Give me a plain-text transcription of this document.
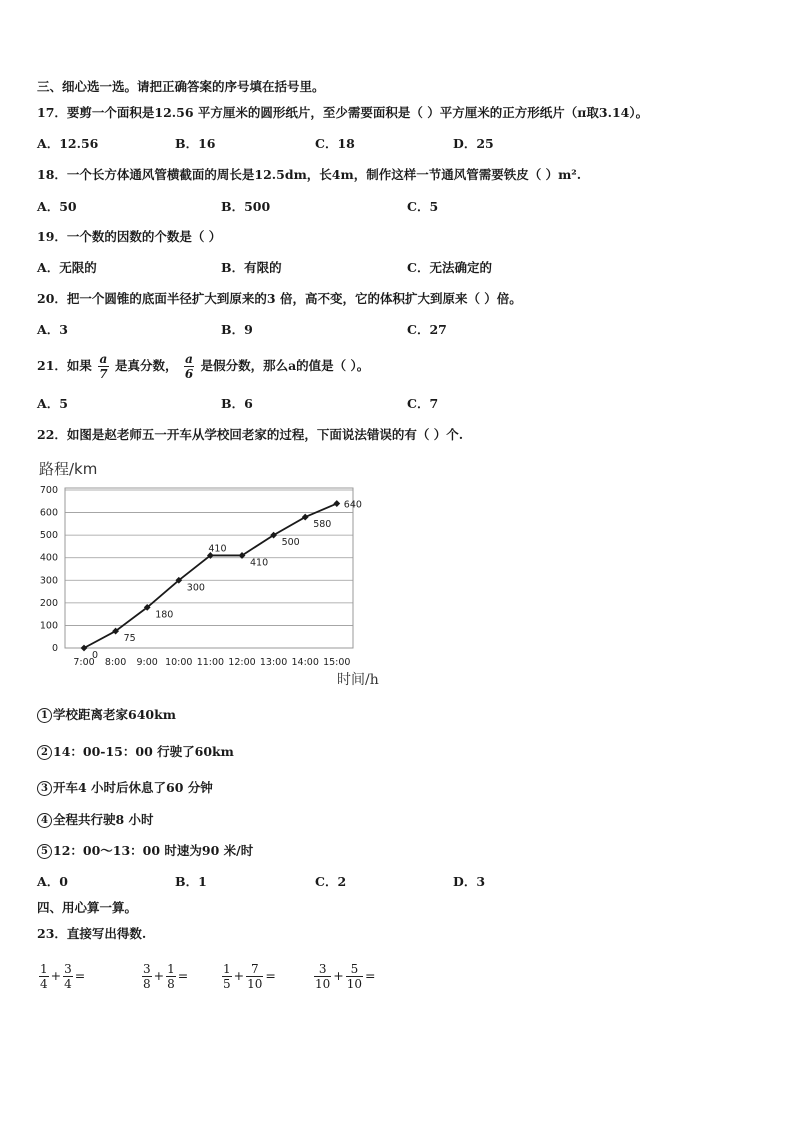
三、细心选一选。请把正确答案的序号填在括号里。
17．要剪一个面积是12.56 平方厘米的圆形纸片，至少需要面积是（ ）平方厘米的正方形纸片（π取3.14）。
A．12.56	B．16	C．18	D．25
18．一个长方体通风管横截面的周长是12.5dm，长4m，制作这样一节通风管需要铁皮（ ）m².
A．50	B．500	C．5
19．一个数的因数的个数是（ ）
A．无限的	B．有限的	C．无法确定的
20．把一个圆锥的底面半径扩大到原来的3 倍，高不变，它的体积扩大到原来（ ）倍。
A．3	B．9	C．27
21．如果 $\frac{a}{7}$ 是真分数， $\frac{a}{6}$ 是假分数，那么a的值是（ ）。
A．5	B．6	C．7
22．如图是赵老师五一开车从学校回老家的过程，下面说法错误的有（ ）个.
路程/km
0
100
200
300
400
500
600
700
7:00 8:00 9:00 10:00 11:00 12:00 13:00 14:00 15:00
0
75
180
300
410
410
500
580
640
时间/h
1 学校距离老家640km
2 14：00-15：00 行驶了60km
3 开车4 小时后休息了60 分钟
4 全程共行驶8 小时
5 12：00～13：00 时速为90 米/时
A．0	B．1	C．2	D．3
四、用心算一算。
23．直接写出得数.
$\frac{1}{4} + \frac{3}{4}$ =	$\frac{3}{8} + \frac{1}{8}$ =	$\frac{1}{5} + \frac{7}{10}$ =	$\frac{3}{10} + \frac{5}{10}$ =
